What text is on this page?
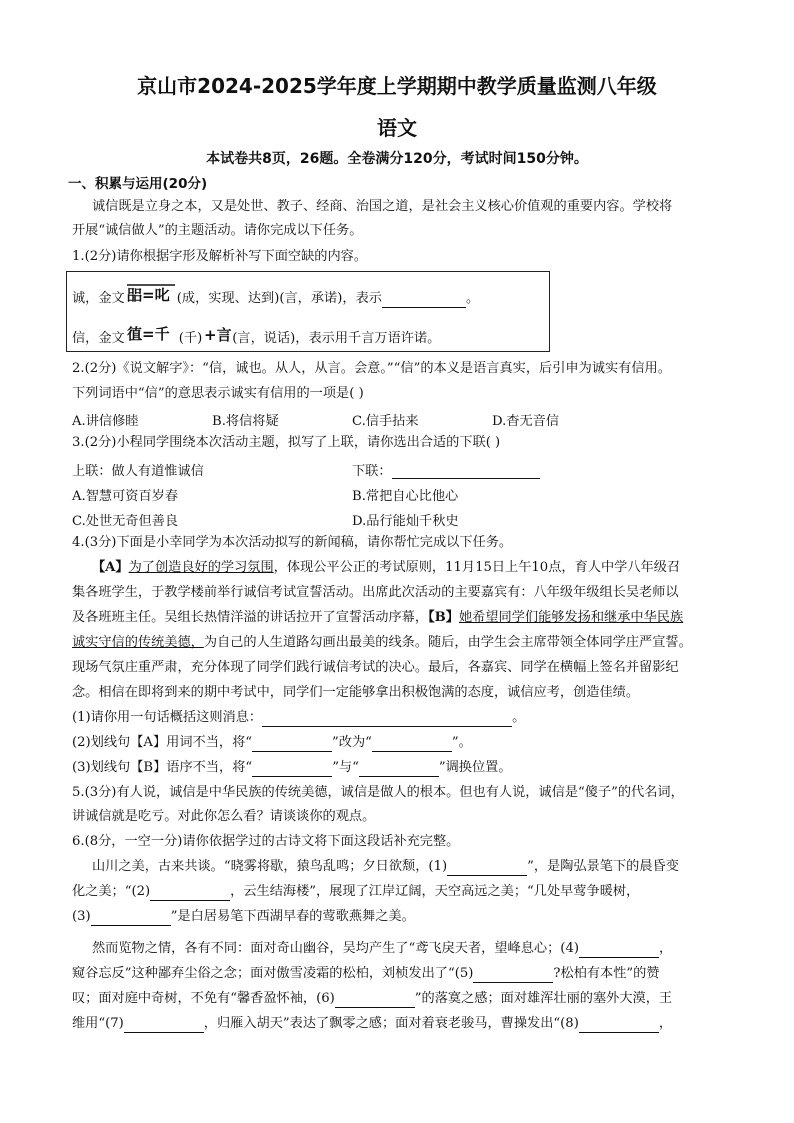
京山市2024-2025学年度上学期期中教学质量监测八年级
语文
本试卷共8页，26题。全卷满分120分，考试时间150分钟。
一、积累与运用(20分)
诚信既是立身之本，又是处世、教子、经商、治国之道，是社会主义核心价值观的重要内容。学校将
开展“诚信做人”的主题活动。请你完成以下任务。
1.(2分)请你根据字形及解析补写下面空缺的内容。
诚，金文 㗊=叱 (成，实现、达到)(言，承诺)，表示	。
信，金文 徝=千 (千) +言 (言，说话)，表示用千言万语许诺。
2.(2分)《说文解字》：“信，诚也。从人，从言。会意。”“信”的本义是语言真实，后引申为诚实有信用。
下列词语中“信”的意思表示诚实有信用的一项是( )
A.讲信修睦	B.将信将疑	C.信手拈来	D.杳无音信
3.(2分)小程同学围绕本次活动主题，拟写了上联，请你选出合适的下联( )
上联：做人有道惟诚信	下联：
A.智慧可资百岁春	B.常把自心比他心
C.处世无奇但善良	D.品行能灿千秋史
4.(3分)下面是小幸同学为本次活动拟写的新闻稿，请你帮忙完成以下任务。
【A】为了创造良好的学习氛围，体现公平公正的考试原则，11月15日上午10点，育人中学八年级召
集各班学生，于教学楼前举行诚信考试宣誓活动。出席此次活动的主要嘉宾有：八年级年级组长吴老师以
及各班班主任。吴组长热情洋溢的讲话拉开了宣誓活动序幕，【B】她希望同学们能够发扬和继承中华民族
诚实守信的传统美德，为自己的人生道路勾画出最美的线条。随后，由学生会主席带领全体同学庄严宣誓。
现场气氛庄重严肃，充分体现了同学们践行诚信考试的决心。最后，各嘉宾、同学在横幅上签名并留影纪
念。相信在即将到来的期中考试中，同学们一定能够拿出积极饱满的态度，诚信应考，创造佳绩。
(1)请你用一句话概括这则消息：	。
(2)划线句【A】用词不当，将“	”改为“	”。
(3)划线句【B】语序不当，将“	”与“	”调换位置。
5.(3分)有人说，诚信是中华民族的传统美德，诚信是做人的根本。但也有人说，诚信是“傻子”的代名词，
讲诚信就是吃亏。对此你怎么看？请谈谈你的观点。
6.(8分，一空一分)请你依据学过的古诗文将下面这段话补充完整。
山川之美，古来共谈。“晓雾将歇，猿鸟乱鸣；夕日欲颓，(1)	”，是陶弘景笔下的晨昏变
化之美；“(2)	，云生结海楼”，展现了江岸辽阔，天空高远之美；“几处早莺争暖树，
(3)	”是白居易笔下西湖早春的莺歌燕舞之美。
然而览物之情，各有不同：面对奇山幽谷，吴均产生了“鸢飞戾天者，望峰息心；(4)	，
窥谷忘反”这种鄙弃尘俗之念；面对傲雪凌霜的松柏，刘桢发出了“(5)	?松柏有本性”的赞
叹；面对庭中奇树，不免有“馨香盈怀袖，(6)	”的落寞之感；面对雄浑壮丽的塞外大漠，王
维用“(7)	，归雁入胡天”表达了飘零之感；面对着衰老骏马，曹操发出“(8)	，
